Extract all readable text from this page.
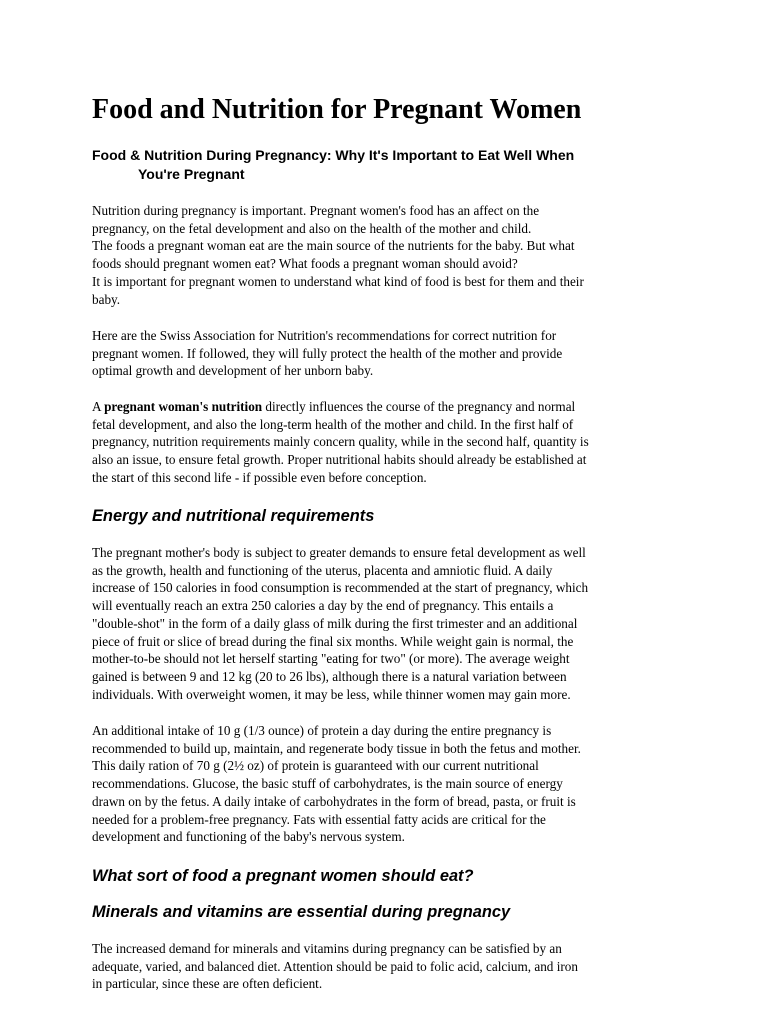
Food and Nutrition for Pregnant Women
Food & Nutrition During Pregnancy: Why It's Important to Eat Well When
You're Pregnant

Nutrition during pregnancy is important. Pregnant women's food has an affect on the
pregnancy, on the fetal development and also on the health of the mother and child.
The foods a pregnant woman eat are the main source of the nutrients for the baby. But what
foods should pregnant women eat? What foods a pregnant woman should avoid?
It is important for pregnant women to understand what kind of food is best for them and their
baby.

Here are the Swiss Association for Nutrition's recommendations for correct nutrition for
pregnant women. If followed, they will fully protect the health of the mother and provide
optimal growth and development of her unborn baby.

A pregnant woman's nutrition directly influences the course of the pregnancy and normal
fetal development, and also the long-term health of the mother and child. In the first half of
pregnancy, nutrition requirements mainly concern quality, while in the second half, quantity is
also an issue, to ensure fetal growth. Proper nutritional habits should already be established at
the start of this second life - if possible even before conception.

Energy and nutritional requirements

The pregnant mother's body is subject to greater demands to ensure fetal development as well
as the growth, health and functioning of the uterus, placenta and amniotic fluid. A daily
increase of 150 calories in food consumption is recommended at the start of pregnancy, which
will eventually reach an extra 250 calories a day by the end of pregnancy. This entails a
"double-shot" in the form of a daily glass of milk during the first trimester and an additional
piece of fruit or slice of bread during the final six months. While weight gain is normal, the
mother-to-be should not let herself starting "eating for two" (or more). The average weight
gained is between 9 and 12 kg (20 to 26 lbs), although there is a natural variation between
individuals. With overweight women, it may be less, while thinner women may gain more.

An additional intake of 10 g (1/3 ounce) of protein a day during the entire pregnancy is
recommended to build up, maintain, and regenerate body tissue in both the fetus and mother.
This daily ration of 70 g (2½ oz) of protein is guaranteed with our current nutritional
recommendations. Glucose, the basic stuff of carbohydrates, is the main source of energy
drawn on by the fetus. A daily intake of carbohydrates in the form of bread, pasta, or fruit is
needed for a problem-free pregnancy. Fats with essential fatty acids are critical for the
development and functioning of the baby's nervous system.

What sort of food a pregnant women should eat?
Minerals and vitamins are essential during pregnancy

The increased demand for minerals and vitamins during pregnancy can be satisfied by an
adequate, varied, and balanced diet. Attention should be paid to folic acid, calcium, and iron
in particular, since these are often deficient.
